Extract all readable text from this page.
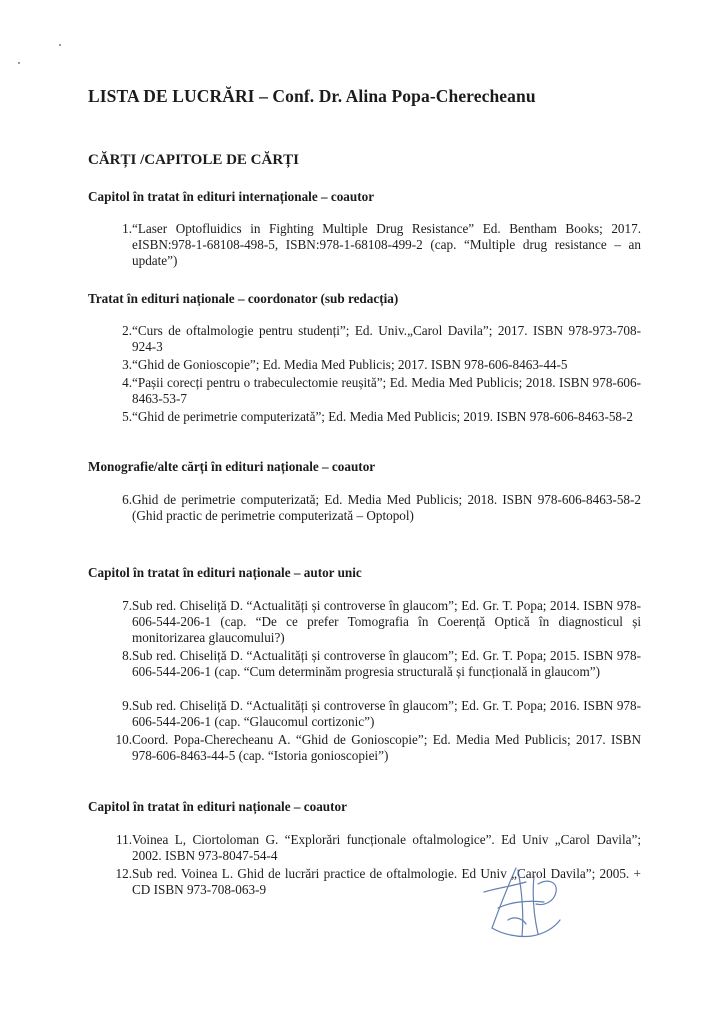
LISTA DE LUCRĂRI – Conf. Dr. Alina Popa-Cherecheanu
CĂRȚI /CAPITOLE DE CĂRȚI
Capitol în tratat în edituri internaționale – coautor
1. “Laser Optofluidics in Fighting Multiple Drug Resistance” Ed. Bentham Books; 2017. eISBN:978-1-68108-498-5, ISBN:978-1-68108-499-2 (cap. “Multiple drug resistance – an update”)
Tratat în edituri naționale – coordonator (sub redacția)
2. “Curs de oftalmologie pentru studenți”; Ed. Univ.„Carol Davila”; 2017. ISBN 978-973-708-924-3
3. “Ghid de Gonioscopie”; Ed. Media Med Publicis; 2017. ISBN 978-606-8463-44-5
4. “Pașii corecți pentru o trabeculectomie reușită”; Ed. Media Med Publicis; 2018. ISBN 978-606-8463-53-7
5. “Ghid de perimetrie computerizată”; Ed. Media Med Publicis; 2019. ISBN 978-606-8463-58-2
Monografie/alte cărți în edituri naționale – coautor
6. Ghid de perimetrie computerizată; Ed. Media Med Publicis; 2018. ISBN 978-606-8463-58-2 (Ghid practic de perimetrie computerizată – Optopol)
Capitol în tratat în edituri naționale – autor unic
7. Sub red. Chiseliță D. “Actualități și controverse în glaucom”; Ed. Gr. T. Popa; 2014. ISBN 978-606-544-206-1 (cap. “De ce prefer Tomografia în Coerență Optică în diagnosticul și monitorizarea glaucomului?)
8. Sub red. Chiseliță D. “Actualități și controverse în glaucom”; Ed. Gr. T. Popa; 2015. ISBN 978-606-544-206-1 (cap. “Cum determinăm progresia structurală și funcțională in glaucom”)
9. Sub red. Chiseliță D. “Actualități și controverse în glaucom”; Ed. Gr. T. Popa; 2016. ISBN 978-606-544-206-1 (cap. “Glaucomul cortizonic”)
10. Coord. Popa-Cherecheanu A. “Ghid de Gonioscopie”; Ed. Media Med Publicis; 2017. ISBN 978-606-8463-44-5 (cap. “Istoria gonioscopiei”)
Capitol în tratat în edituri naționale – coautor
11. Voinea L, Ciortoloman G. “Explorări funcționale oftalmologice”. Ed Univ „Carol Davila”; 2002. ISBN 973-8047-54-4
12. Sub red. Voinea L. Ghid de lucrări practice de oftalmologie. Ed Univ „Carol Davila”; 2005. + CD ISBN 973-708-063-9
